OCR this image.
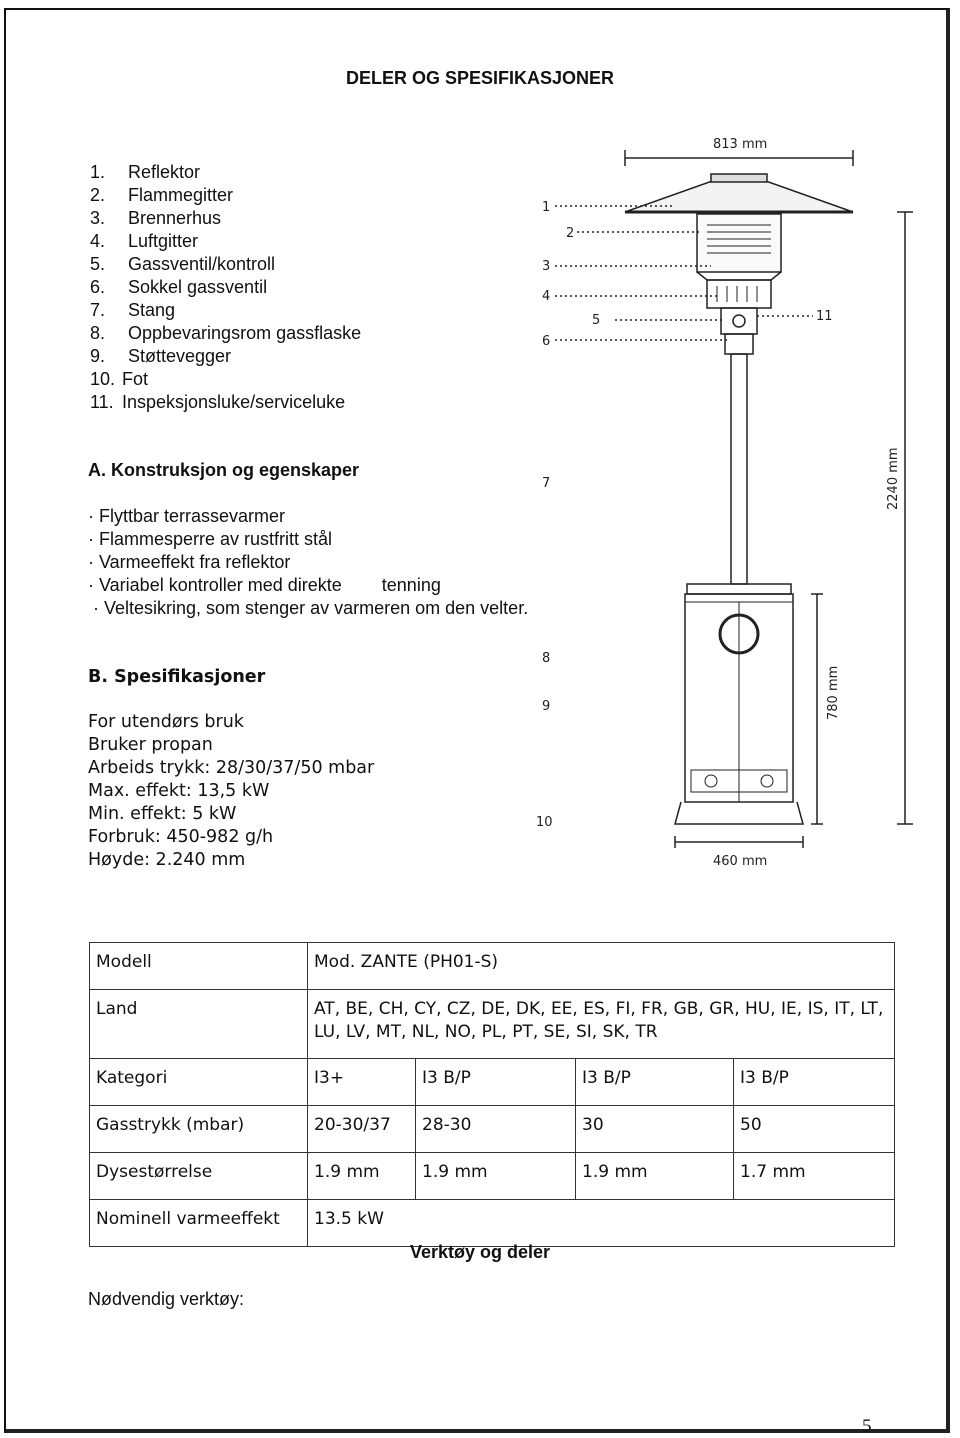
DELER OG SPESIFIKASJONER
1. Reflektor
2. Flammegitter
3. Brennerhus
4. Luftgitter
5. Gassventil/kontroll
6. Sokkel gassventil
7. Stang
8. Oppbevaringsrom gassflaske
9. Støttevegger
10. Fot
11. Inspeksjonsluke/serviceluke
A. Konstruksjon og egenskaper
· Flyttbar terrassevarmer
· Flammesperre av rustfritt stål
· Varmeeffekt fra reflektor
· Variabel kontroller med direkte        tenning
· Veltesikring, som stenger av varmeren om den velter.
B. Spesifikasjoner
For utendørs bruk
Bruker propan
Arbeids trykk: 28/30/37/50 mbar
Max. effekt: 13,5 kW
Min. effekt: 5 kW
Forbruk: 450-982 g/h
Høyde: 2.240 mm
813 mm
1
2
3
4
5
6
7
8
9
10
11
460 mm
2240 mm
780 mm
Modell	Mod. ZANTE (PH01-S)			
Land	AT, BE, CH, CY, CZ, DE, DK, EE, ES, FI, FR, GB, GR, HU, IE, IS, IT, LT, LU, LV, MT, NL, NO, PL, PT, SE, SI, SK, TR			
Kategori	I3+	I3 B/P	I3 B/P	I3 B/P
Gasstrykk (mbar)	20-30/37	28-30	30	50
Dysestørrelse	1.9 mm	1.9 mm	1.9 mm	1.7 mm
Nominell varmeeffekt	13.5 kW			
Verktøy og deler
Nødvendig verktøy:
5
